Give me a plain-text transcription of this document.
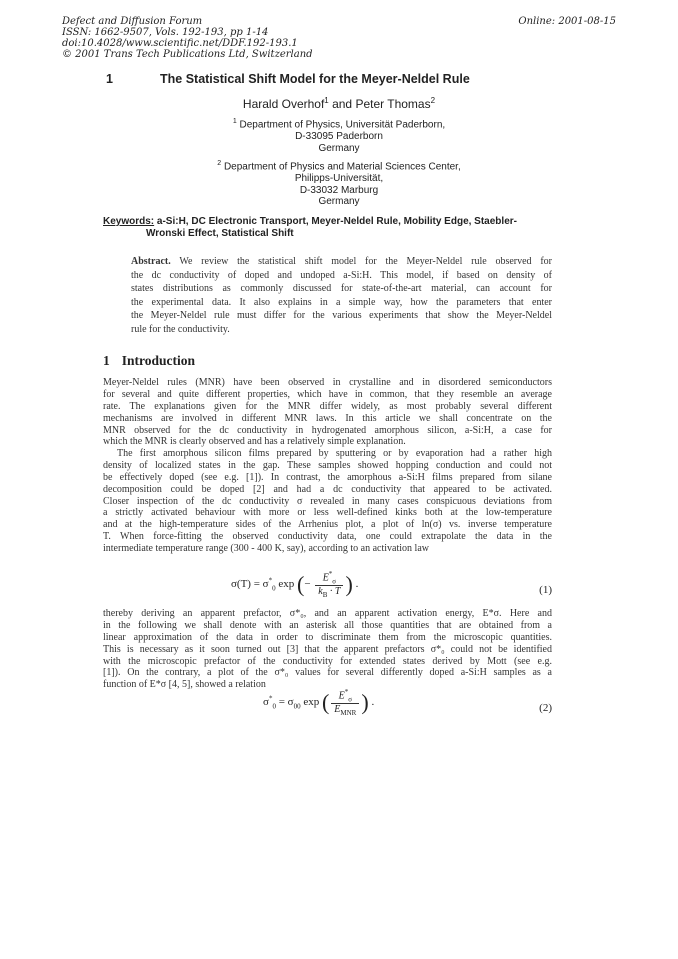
Defect and Diffusion Forum
ISSN: 1662-9507, Vols. 192-193, pp 1-14
doi:10.4028/www.scientific.net/DDF.192-193.1
© 2001 Trans Tech Publications Ltd, Switzerland
Online: 2001-08-15
1	The Statistical Shift Model for the Meyer-Neldel Rule
Harald Overhof$^1$ and Peter Thomas$^2$
$^1$ Department of Physics, Universität Paderborn,
D-33095 Paderborn
Germany
$^2$ Department of Physics and Material Sciences Center,
Philipps-Universität,
D-33032 Marburg
Germany
Keywords: a-Si:H, DC Electronic Transport, Meyer-Neldel Rule, Mobility Edge, Staebler-
Wronski Effect, Statistical Shift
Abstract. We review the statistical shift model for the Meyer-Neldel rule observed for
the dc conductivity of doped and undoped a-Si:H. This model, if based on density of
states distributions as commonly discussed for state-of-the-art material, can account for
the experimental data. It also explains in a simple way, how the parameters that enter
the Meyer-Neldel rule must differ for the various experiments that show the Meyer-Neldel
rule for the conductivity.
1 Introduction
Meyer-Neldel rules (MNR) have been observed in crystalline and in disordered semiconductors
for several and quite different properties, which have in common, that they resemble an average
rate. The explanations given for the MNR differ widely, as most probably several different
mechanisms are involved in different MNR laws. In this article we shall concentrate on the
MNR observed for the dc conductivity in hydrogenated amorphous silicon, a-Si:H, a case for
which the MNR is clearly observed and has a relatively simple explanation.
The first amorphous silicon films prepared by sputtering or by evaporation had a rather high
density of localized states in the gap. These samples showed hopping conduction and could not
be effectively doped (see e.g. [1]). In contrast, the amorphous a-Si:H films prepared from silane
decomposition could be doped [2] and had a dc conductivity that appeared to be activated.
Closer inspection of the dc conductivity σ revealed in many cases conspicuous deviations from
a strictly activated behaviour with more or less well-defined kinks both at the low-temperature
and at the high-temperature sides of the Arrhenius plot, a plot of ln(σ) vs. inverse temperature
T. When force-fitting the observed conductivity data, one could extrapolate the data in the
intermediate temperature range (300 - 400 K, say), according to an activation law
$\sigma(T) = \sigma^*_0$ exp (− $\frac{E^*_\sigma}{k_B \cdot T}$ ) .	(1)
thereby deriving an apparent prefactor, σ*₀, and an apparent activation energy, E*σ. Here and
in the following we shall denote with an asterisk all those quantities that are obtained from a
linear approximation of the data in order to discriminate them from the microscopic quantities.
This is necessary as it soon turned out [3] that the apparent prefactors σ*₀ could not be identified
with the microscopic prefactor of the conductivity for extended states derived by Mott (see e.g.
[1]). On the contrary, a plot of the σ*₀ values for several differently doped a-Si:H samples as a
function of E*σ [4, 5], showed a relation
$\sigma^*_0 = \sigma_{00}$ exp ( $\frac{E^*_\sigma}{E_{MNR}}$ ) .	(2)
